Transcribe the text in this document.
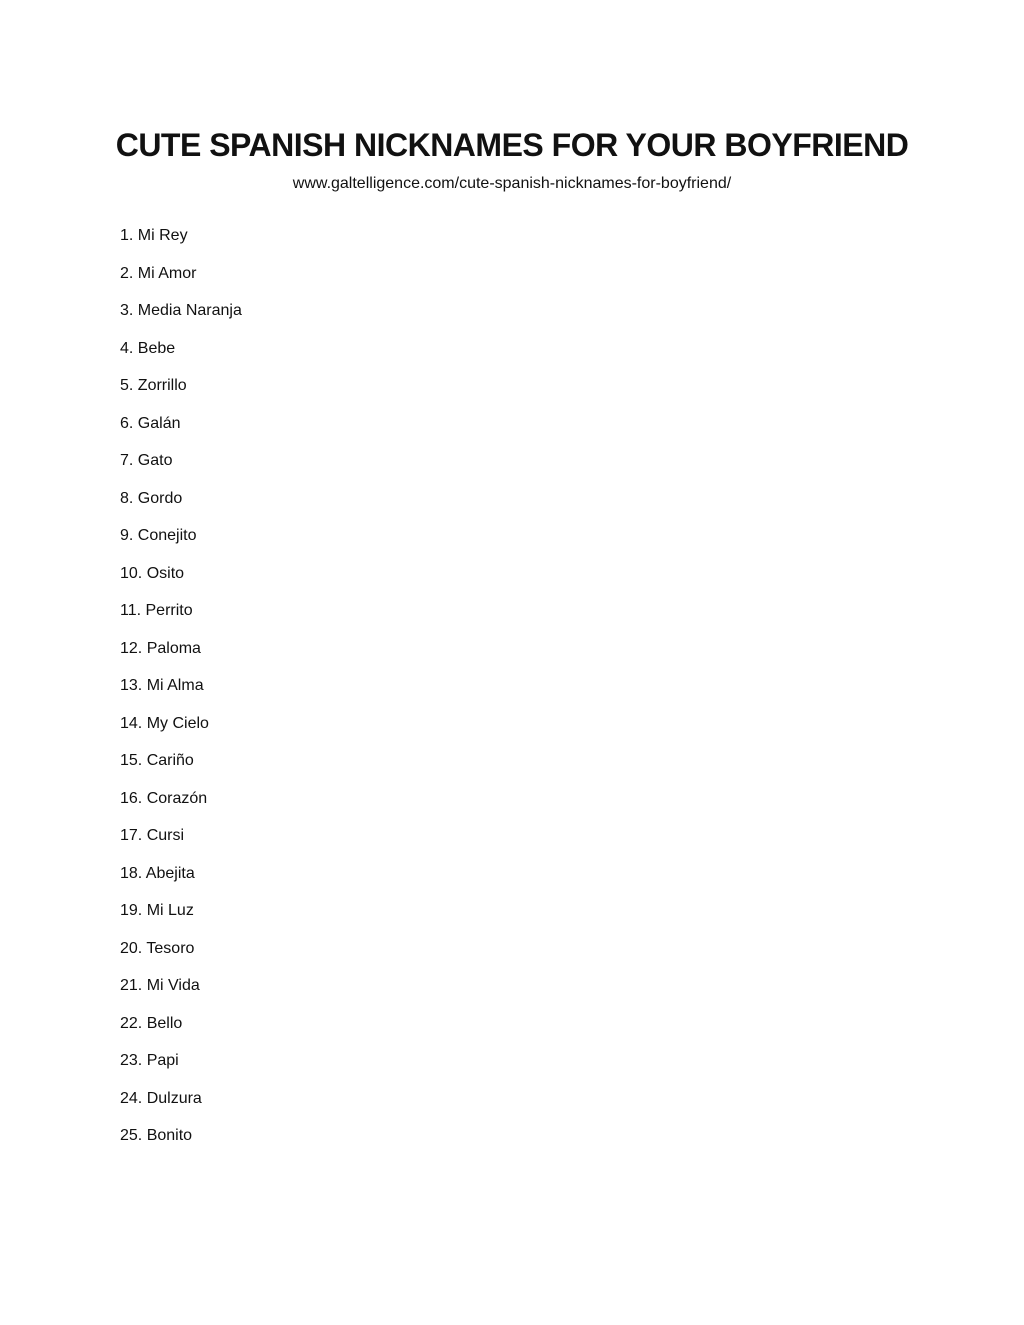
CUTE SPANISH NICKNAMES FOR YOUR BOYFRIEND
www.galtelligence.com/cute-spanish-nicknames-for-boyfriend/
1. Mi Rey
2. Mi Amor
3. Media Naranja
4. Bebe
5. Zorrillo
6. Galán
7. Gato
8. Gordo
9. Conejito
10. Osito
11. Perrito
12. Paloma
13. Mi Alma
14. My Cielo
15. Cariño
16. Corazón
17. Cursi
18. Abejita
19. Mi Luz
20. Tesoro
21. Mi Vida
22. Bello
23. Papi
24. Dulzura
25. Bonito
